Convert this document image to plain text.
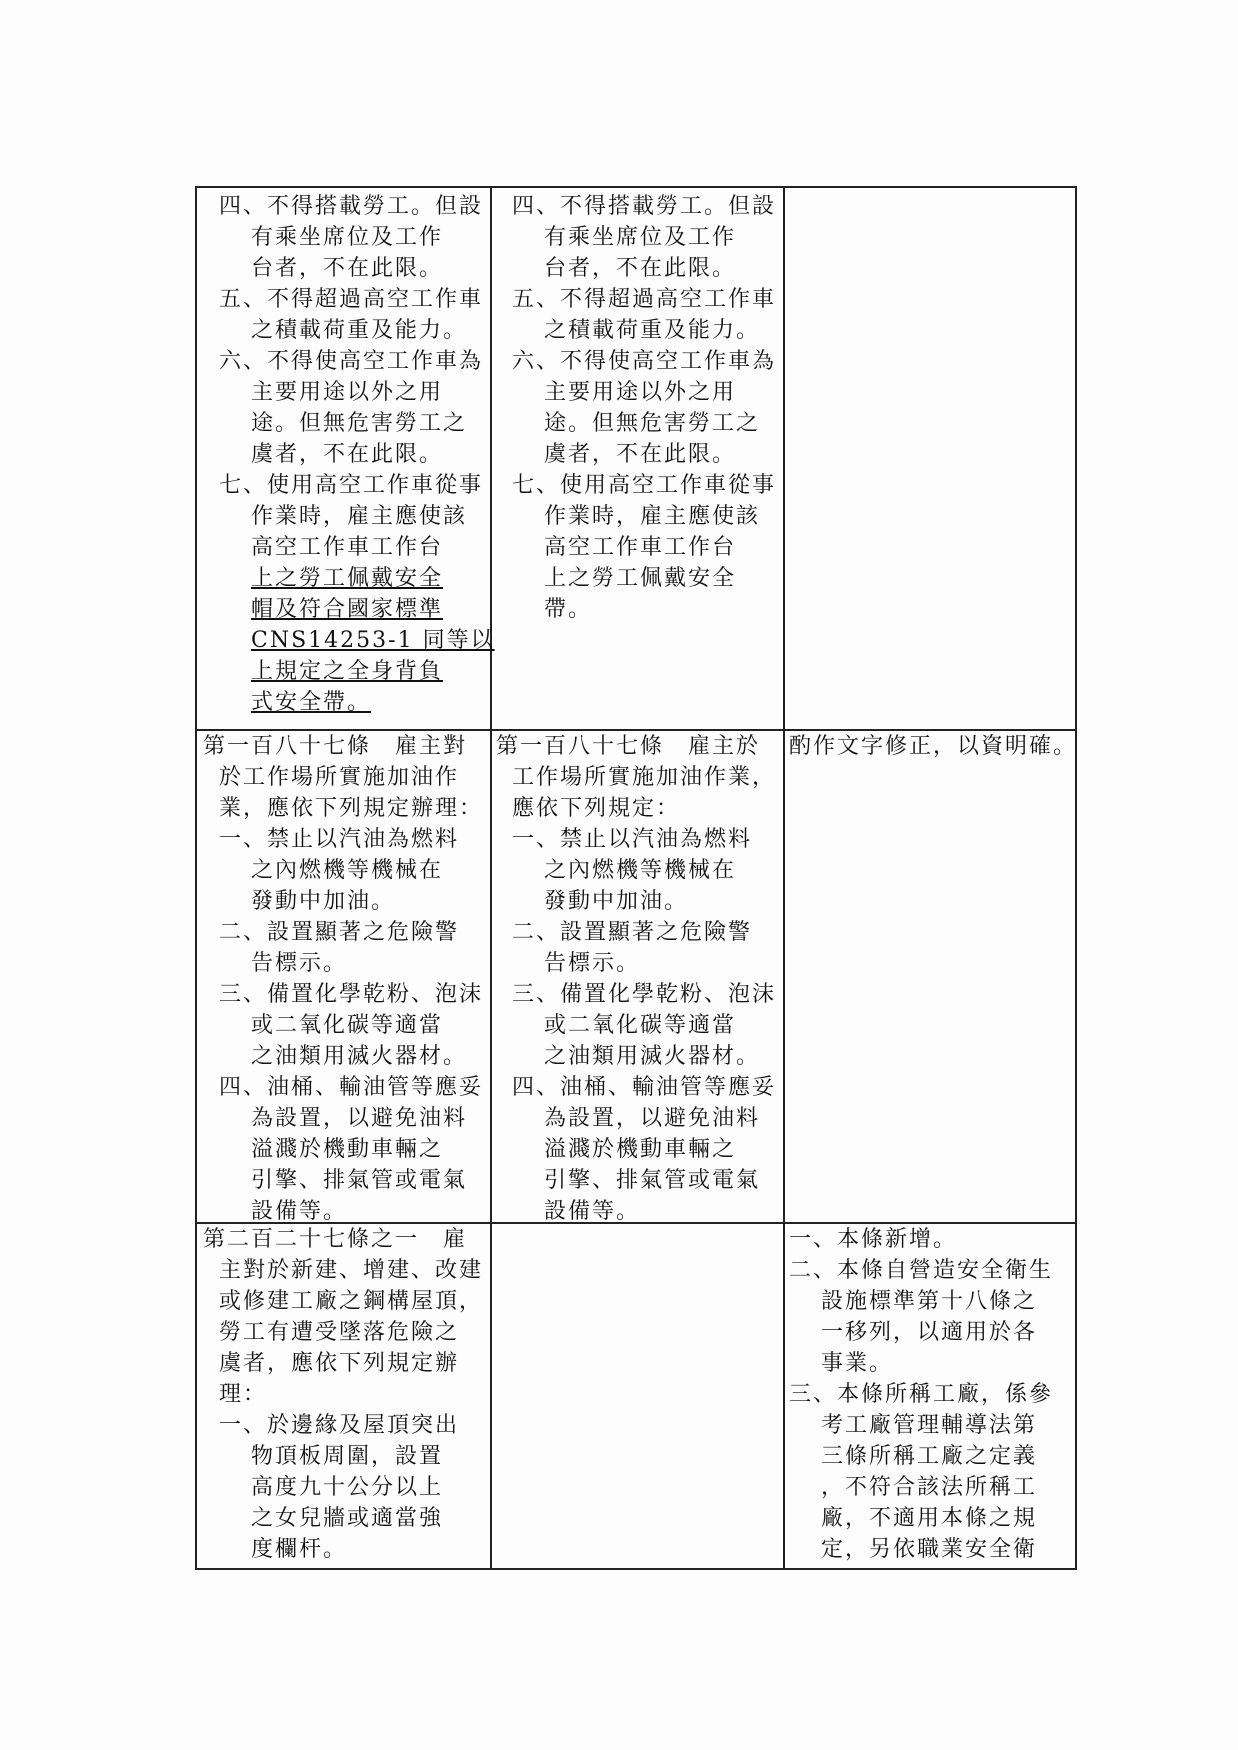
四、不得搭載勞工。但設
有乘坐席位及工作
台者，不在此限。
五、不得超過高空工作車
之積載荷重及能力。
六、不得使高空工作車為
主要用途以外之用
途。但無危害勞工之
虞者，不在此限。
七、使用高空工作車從事
作業時，雇主應使該
高空工作車工作台
上之勞工佩戴安全
帽及符合國家標準
CNS14253-1 同等以
上規定之全身背負
式安全帶。
四、不得搭載勞工。但設
有乘坐席位及工作
台者，不在此限。
五、不得超過高空工作車
之積載荷重及能力。
六、不得使高空工作車為
主要用途以外之用
途。但無危害勞工之
虞者，不在此限。
七、使用高空工作車從事
作業時，雇主應使該
高空工作車工作台
上之勞工佩戴安全
帶。
第一百八十七條　雇主對
於工作場所實施加油作
業，應依下列規定辦理：
一、禁止以汽油為燃料
之內燃機等機械在
發動中加油。
二、設置顯著之危險警
告標示。
三、備置化學乾粉、泡沫
或二氧化碳等適當
之油類用滅火器材。
四、油桶、輸油管等應妥
為設置，以避免油料
溢濺於機動車輛之
引擎、排氣管或電氣
設備等。
第一百八十七條　雇主於
工作場所實施加油作業，
應依下列規定：
一、禁止以汽油為燃料
之內燃機等機械在
發動中加油。
二、設置顯著之危險警
告標示。
三、備置化學乾粉、泡沫
或二氧化碳等適當
之油類用滅火器材。
四、油桶、輸油管等應妥
為設置，以避免油料
溢濺於機動車輛之
引擎、排氣管或電氣
設備等。
酌作文字修正，以資明確。
第二百二十七條之一　雇
主對於新建、增建、改建
或修建工廠之鋼構屋頂，
勞工有遭受墜落危險之
虞者，應依下列規定辦
理：
一、於邊緣及屋頂突出
物頂板周圍，設置
高度九十公分以上
之女兒牆或適當強
度欄杆。
一、本條新增。
二、本條自營造安全衛生
設施標準第十八條之
一移列，以適用於各
事業。
三、本條所稱工廠，係參
考工廠管理輔導法第
三條所稱工廠之定義
，不符合該法所稱工
廠，不適用本條之規
定，另依職業安全衛
